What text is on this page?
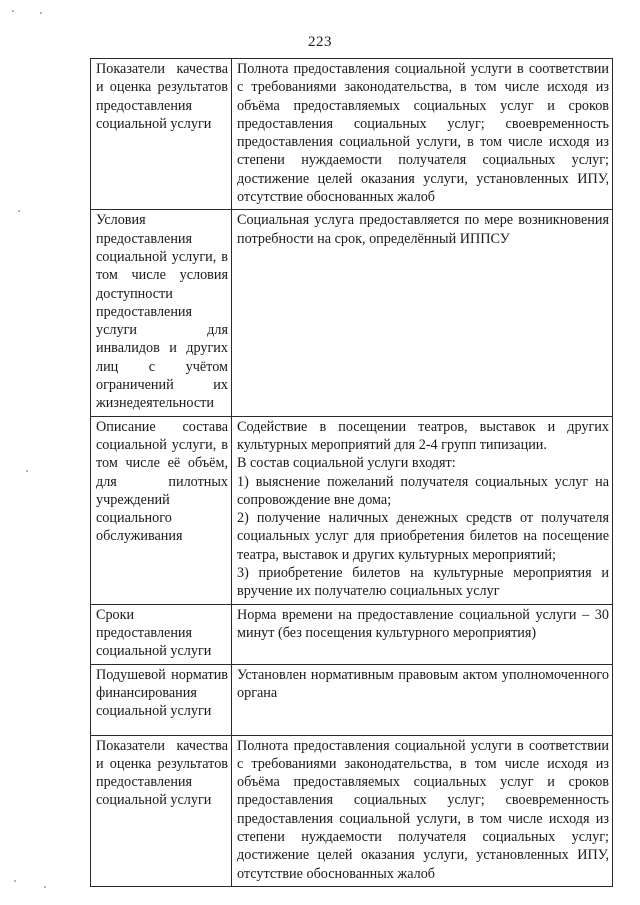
223
Показатели качества и оценка результатов предоставления социальной услуги	Полнота предоставления социальной услуги в соответствии с требованиями законодательства, в том числе исходя из объёма предоставляемых социальных услуг и сроков предоставления социальных услуг; своевременность предоставления социальной услуги, в том числе исходя из степени нуждаемости получателя социальных услуг; достижение целей оказания услуги, установленных ИПУ, отсутствие обоснованных жалоб
Условия предоставления социальной услуги, в том числе условия доступности предоставления услуги для инвалидов и других лиц с учётом ограничений их жизнедеятельности	Социальная услуга предоставляется по мере возникновения потребности на срок, определённый ИППСУ
Описание состава социальной услуги, в том числе её объём, для пилотных учреждений социального обслуживания	Содействие в посещении театров, выставок и других культурных мероприятий для 2-4 групп типизации.
В состав социальной услуги входят:
1) выяснение пожеланий получателя социальных услуг на сопровождение вне дома;
2) получение наличных денежных средств от получателя социальных услуг для приобретения билетов на посещение театра, выставок и других культурных мероприятий;
3) приобретение билетов на культурные мероприятия и вручение их получателю социальных услуг

Сроки предоставления социальной услуги	Норма времени на предоставление социальной услуги – 30 минут (без посещения культурного мероприятия)
Подушевой норматив финансирования социальной услуги	Установлен нормативным правовым актом уполномоченного органа
Показатели качества и оценка результатов предоставления социальной услуги	Полнота предоставления социальной услуги в соответствии с требованиями законодательства, в том числе исходя из объёма предоставляемых социальных услуг и сроков предоставления социальных услуг; своевременность предоставления социальной услуги, в том числе исходя из степени нуждаемости получателя социальных услуг; достижение целей оказания услуги, установленных ИПУ, отсутствие обоснованных жалоб
